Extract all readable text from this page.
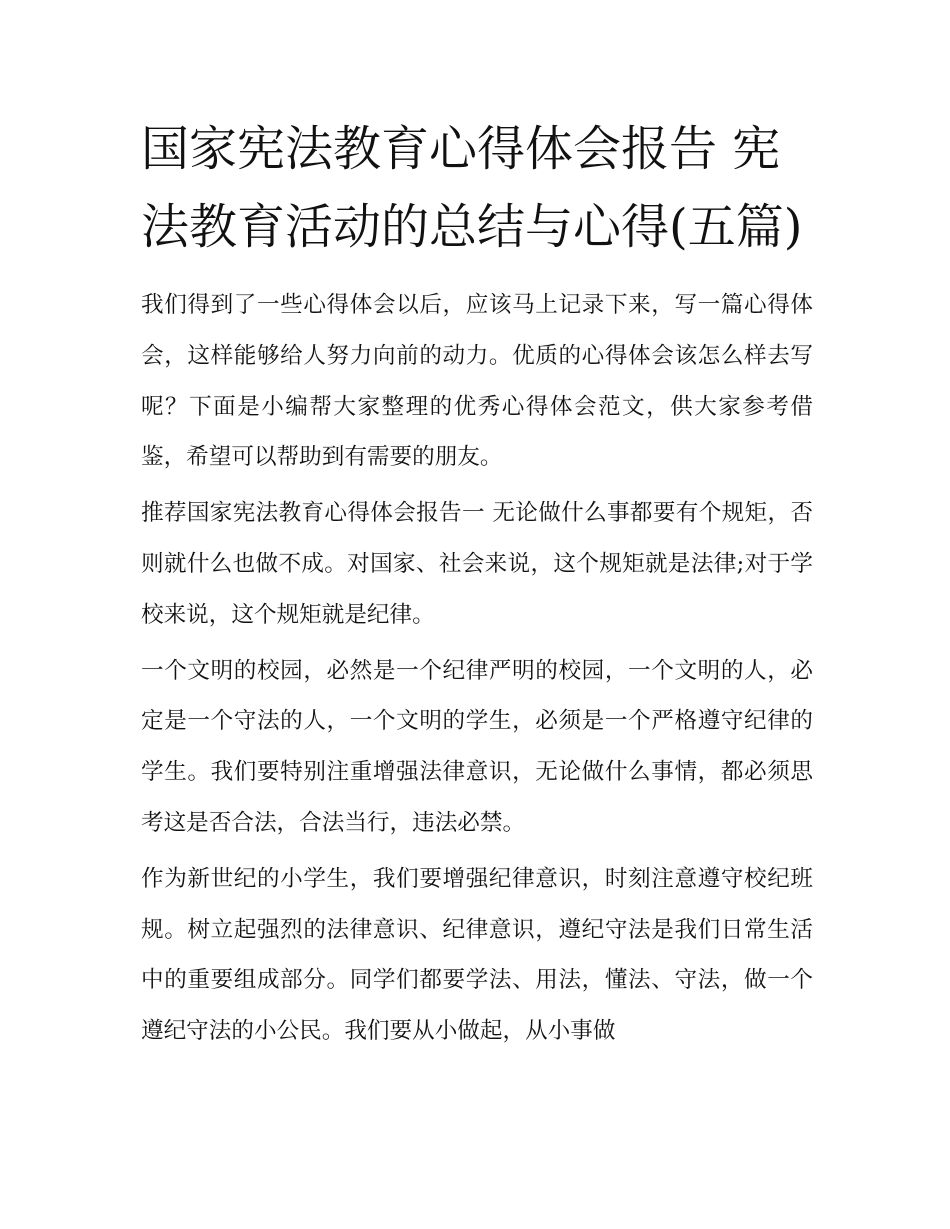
国家宪法教育心得体会报告 宪法教育活动的总结与心得(五篇)

我们得到了一些心得体会以后，应该马上记录下来，写一篇心得体会，这样能够给人努力向前的动力。优质的心得体会该怎么样去写呢？下面是小编帮大家整理的优秀心得体会范文，供大家参考借鉴，希望可以帮助到有需要的朋友。

推荐国家宪法教育心得体会报告一 无论做什么事都要有个规矩，否则就什么也做不成。对国家、社会来说，这个规矩就是法律;对于学校来说，这个规矩就是纪律。

一个文明的校园，必然是一个纪律严明的校园，一个文明的人，必定是一个守法的人，一个文明的学生，必须是一个严格遵守纪律的学生。我们要特别注重增强法律意识，无论做什么事情，都必须思考这是否合法，合法当行，违法必禁。

作为新世纪的小学生，我们要增强纪律意识，时刻注意遵守校纪班规。树立起强烈的法律意识、纪律意识，遵纪守法是我们日常生活中的重要组成部分。同学们都要学法、用法，懂法、守法，做一个遵纪守法的小公民。我们要从小做起，从小事做
